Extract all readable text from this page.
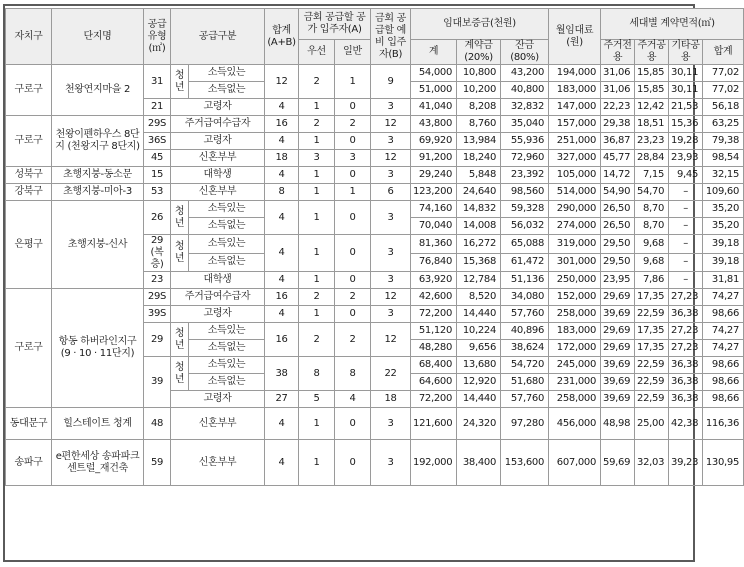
자치구	단지명	공급유형(㎡)	공급구분		합계(A+B)	금회 공급할 공가 입주자(A)		금회 공급할 예비 입주자(B)	임대보증금(천원)			월임대료(원)	세대별 계약면적(㎡)			
						우선	일반		계	계약금(20%)	잔금(80%)		주거전용	주거공용	기타공용	합계
구로구	천왕연지마을 2	31	청년	소득있는	12	2	1	9	54,000	10,800	43,200	194,000	31,06	15,85	30,11	77,02
				소득없는					51,000	10,200	40,800	183,000	31,06	15,85	30,11	77,02
		21	고령자		4	1	0	3	41,040	8,208	32,832	147,000	22,23	12,42	21,53	56,18
구로구	천왕이펜하우스 8단지 (천왕지구 8단지)	29S	주거급여수급자		16	2	2	12	43,800	8,760	35,040	157,000	29,38	18,51	15,36	63,25
		36S	고령자		4	1	0	3	69,920	13,984	55,936	251,000	36,87	23,23	19,28	79,38
		45	신혼부부		18	3	3	12	91,200	18,240	72,960	327,000	45,77	28,84	23,93	98,54
성북구	초행지붕-동소문	15	대학생		4	1	0	3	29,240	5,848	23,392	105,000	14,72	7,15	9,45	32,15
강북구	초행지붕-미아-3	53	신혼부부		8	1	1	6	123,200	24,640	98,560	514,000	54,90	54,70	–	109,60
은평구	초행지붕-신사	26	청년	소득있는	4	1	0	3	74,160	14,832	59,328	290,000	26,50	8,70	–	35,20
				소득없는					70,040	14,008	56,032	274,000	26,50	8,70	–	35,20
		29 (복층)	청년	소득있는	4	1	0	3	81,360	16,272	65,088	319,000	29,50	9,68	–	39,18
				소득없는					76,840	15,368	61,472	301,000	29,50	9,68	–	39,18
		23	대학생		4	1	0	3	63,920	12,784	51,136	250,000	23,95	7,86	–	31,81
구로구	항동 하버라인지구 (9 · 10 · 11단지)	29S	주거급여수급자		16	2	2	12	42,600	8,520	34,080	152,000	29,69	17,35	27,23	74,27
		39S	고령자		4	1	0	3	72,200	14,440	57,760	258,000	39,69	22,59	36,38	98,66
		29	청년	소득있는	16	2	2	12	51,120	10,224	40,896	183,000	29,69	17,35	27,23	74,27
				소득없는					48,280	9,656	38,624	172,000	29,69	17,35	27,23	74,27
		39	청년	소득있는	38	8	8	22	68,400	13,680	54,720	245,000	39,69	22,59	36,38	98,66
				소득없는					64,600	12,920	51,680	231,000	39,69	22,59	36,38	98,66
			고령자		27	5	4	18	72,200	14,440	57,760	258,000	39,69	22,59	36,38	98,66
동대문구	힐스테이트 청계	48	신혼부부		4	1	0	3	121,600	24,320	97,280	456,000	48,98	25,00	42,38	116,36
송파구	e편한세상 송파파크센트럴_재건축	59	신혼부부		4	1	0	3	192,000	38,400	153,600	607,000	59,69	32,03	39,23	130,95
